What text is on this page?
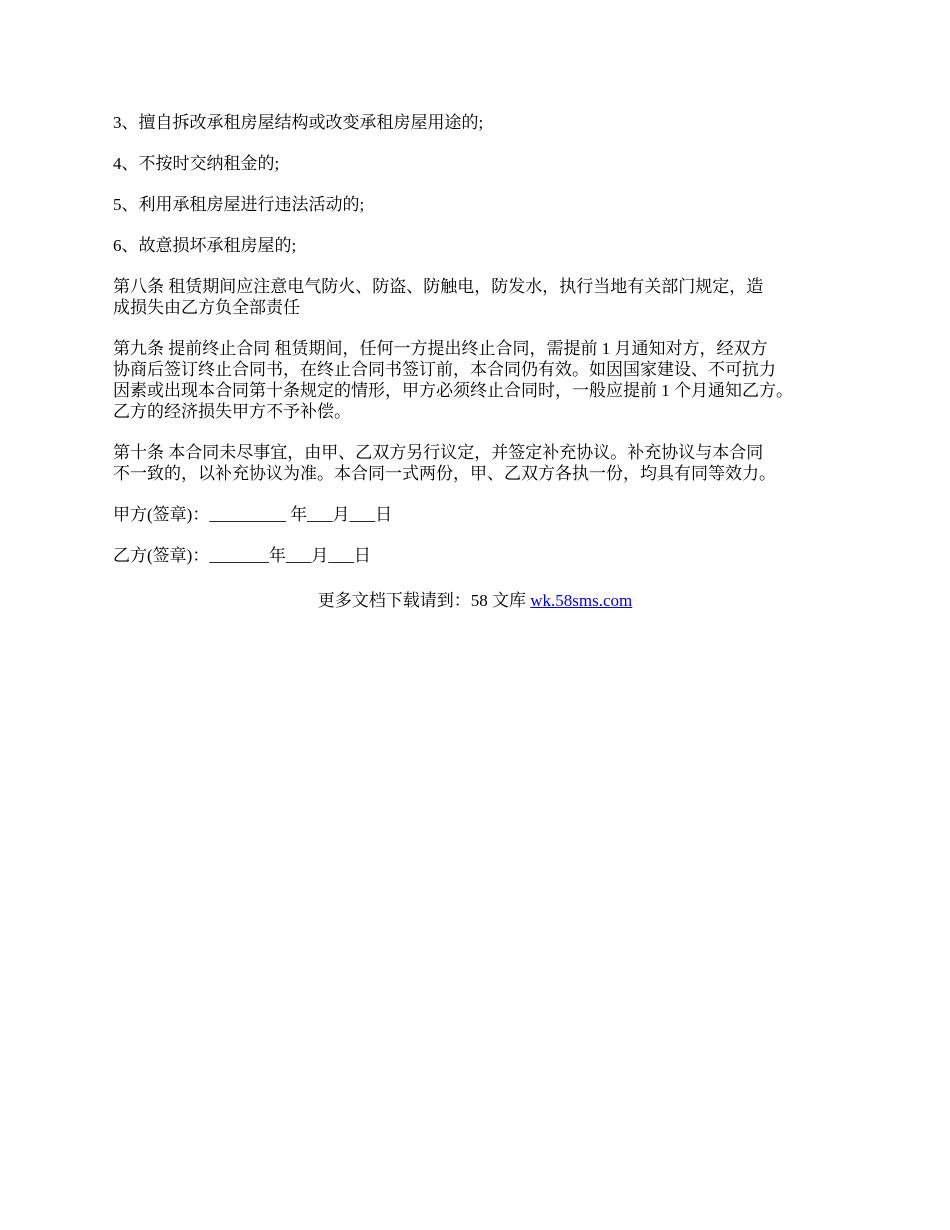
3、擅自拆改承租房屋结构或改变承租房屋用途的;

4、不按时交纳租金的;

5、利用承租房屋进行违法活动的;

6、故意损坏承租房屋的;

第八条 租赁期间应注意电气防火、防盗、防触电，防发水，执行当地有关部门规定，造
成损失由乙方负全部责任

第九条 提前终止合同 租赁期间，任何一方提出终止合同，需提前 1 月通知对方，经双方
协商后签订终止合同书，在终止合同书签订前，本合同仍有效。如因国家建设、不可抗力
因素或出现本合同第十条规定的情形，甲方必须终止合同时，一般应提前 1 个月通知乙方。
乙方的经济损失甲方不予补偿。

第十条 本合同未尽事宜，由甲、乙双方另行议定，并签定补充协议。补充协议与本合同
不一致的，以补充协议为准。本合同一式两份，甲、乙双方各执一份，均具有同等效力。

甲方(签章)：_________ 年___月___日

乙方(签章)：_______年___月___日

更多文档下载请到：58 文库 wk.58sms.com
